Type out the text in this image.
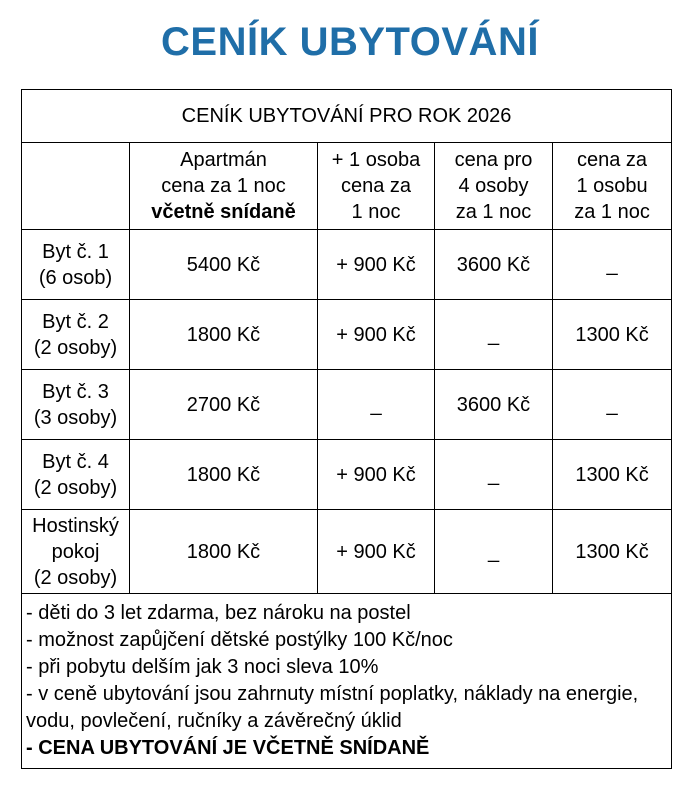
CENÍK UBYTOVÁNÍ
CENÍK UBYTOVÁNÍ PRO ROK 2026				

	Apartmán
cena za 1 noc
včetně snídaně	+ 1 osoba
cena za
1 noc	cena pro
4 osoby
za 1 noc	cena za
1 osobu
za 1 noc

Byt č. 1
(6 osob)	5400 Kč	+ 900 Kč	3600 Kč	_

Byt č. 2
(2 osoby)	1800 Kč	+ 900 Kč	_	1300 Kč

Byt č. 3
(3 osoby)	2700 Kč	_	3600 Kč	_

Byt č. 4
(2 osoby)	1800 Kč	+ 900 Kč	_	1300 Kč

Hostinský
pokoj
(2 osoby)	1800 Kč	+ 900 Kč	_	1300 Kč

- děti do 3 let zdarma, bez nároku na postel
- možnost zapůjčení dětské postýlky 100 Kč/noc
- při pobytu delším jak 3 noci sleva 10%
- v ceně ubytování jsou zahrnuty místní poplatky, náklady na energie, vodu, povlečení, ručníky a závěrečný úklid
- CENA UBYTOVÁNÍ JE VČETNĚ SNÍDANĚ				
